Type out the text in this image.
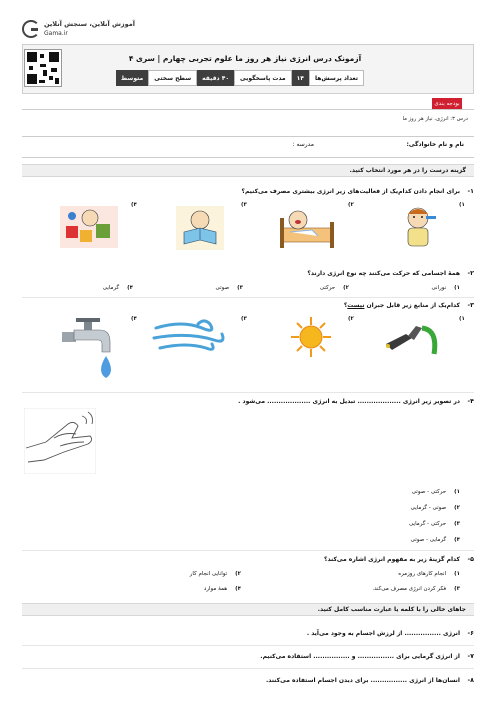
آموزش آنلاین، سنجش آنلاین
Gama.ir
آزمونک درس انرژی نیاز هر روز ما علوم تجربی چهارم | سری ۴
تعداد پرسش‌ها
۱۴
مدت پاسخگویی
۴۰ دقیقه
سطح سختی
متوسط
بودجه بندی
درس ۳: انرژی، نیاز هر روز ما
نام و نام خانوادگی:
مدرسه :
گزینه درست را در هر مورد انتخاب کنید.
۱-
برای انجام دادن کدام‌یک از فعالیت‌های زیر انرژی بیشتری مصرف می‌کنیم؟
۱)
۲)
۳)
۴)
۲-
همهٔ اجسامی که حرکت می‌کنند چه نوع انرژی دارند؟
۱)نورانی
۲)حرکتی
۳)صوتی
۴)گرمایی
۳-
کدام‌یک از منابع زیر قابل جبران نیست؟
۱)
۲)
۳)
۴)
۴-
در تصویر زیر انرژی ................... تبدیل به انرژی ................... می‌شود .
۱)حرکتی - صوتی
۲)صوتی - گرمایی
۳)حرکتی - گرمایی
۴)گرمایی - صوتی
۵-
کدام گزینهٔ زیر به مفهوم انرژی اشاره می‌کند؟
۱)انجام کارهای روزمره
۲)توانایی انجام کار
۳)فکر کردن انرژی مصرف می‌کند.
۴)همهٔ موارد
جاهای خالی را با کلمه یا عبارت مناسب کامل کنید.
۶-
انرژی ................ از لرزش اجسام به وجود می‌آید .
۷-
از انرژی گرمایی برای ................ و ................ استفاده می‌کنیم.
۸-
انسان‌ها از انرژی ................ برای دیدن اجسام استفاده می‌کنند.
